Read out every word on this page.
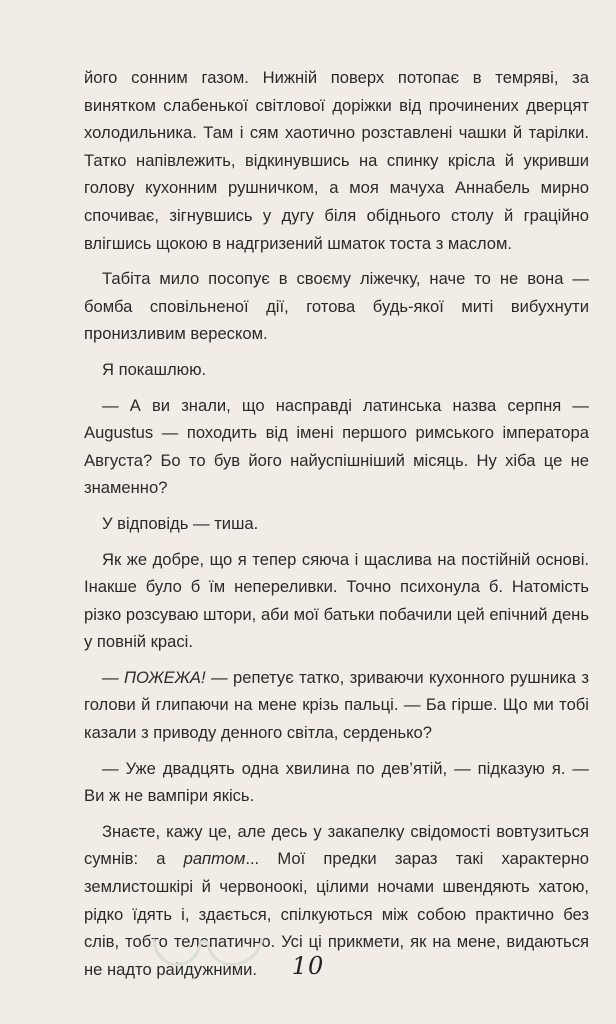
його сонним газом. Нижній поверх потопає в темряві, за винятком слабенької світлової доріжки від прочинених дверцят холодильника. Там і сям хаотично розставлені чашки й тарілки. Татко напівлежить, відкинувшись на спинку крісла й укривши голову кухонним рушничком, а моя мачуха Аннабель мирно спочиває, зігнувшись у дугу біля обіднього столу й граційно влігшись щокою в надгризений шматок тоста з маслом.

Табіта мило посопує в своєму ліжечку, наче то не вона — бомба сповільненої дії, готова будь-якої миті вибухнути пронизливим вереском.

Я покашлюю.

— А ви знали, що насправді латинська назва серпня — Augustus — походить від імені першого римського імператора Августа? Бо то був його найуспішніший місяць. Ну хіба це не знаменно?

У відповідь — тиша.

Як же добре, що я тепер сяюча і щаслива на постійній основі. Інакше було б їм непереливки. Точно психонула б. Натомість різко розсуваю штори, аби мої батьки побачили цей епічний день у повній красі.

— ПОЖЕЖА! — репетує татко, зриваючи кухонного рушника з голови й глипаючи на мене крізь пальці. — Ба гірше. Що ми тобі казали з приводу денного світла, серденько?

— Уже двадцять одна хвилина по дев’ятій, — підказую я. — Ви ж не вампіри якісь.

Знаєте, кажу це, але десь у закапелку свідомості вовтузиться сумнів: а раптом... Мої предки зараз такі характерно землистошкірі й червоноокі, цілими ночами швендяють хатою, рідко їдять і, здається, спілкуються між собою практично без слів, тобто телепатично. Усі ці прикмети, як на мене, видаються не надто райдужними.	10
